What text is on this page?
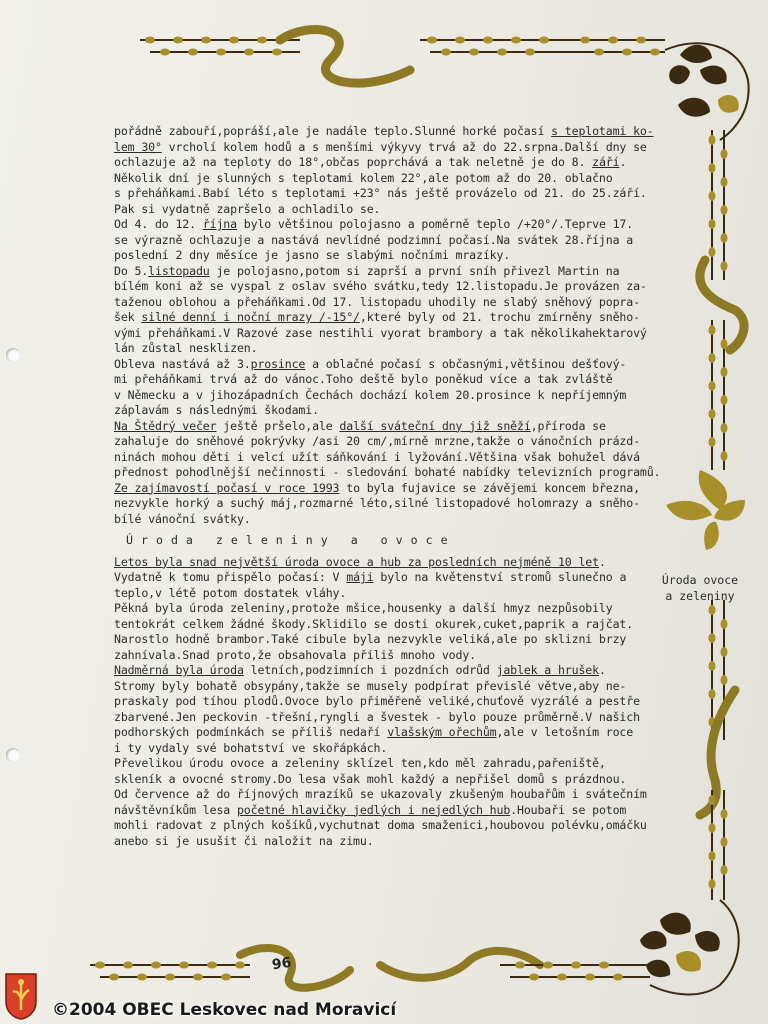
pořádně zabouří,popráší,ale je nadále teplo.Slunné horké počasí s teplotami ko-
lem 30° vrcholí kolem hodů a s menšími výkyvy trvá až do 22.srpna.Další dny se
ochlazuje až na teploty do 18°,občas poprchává a tak neletně je do 8. září.
Několik dní je slunných s teplotami kolem 22°,ale potom až do 20. oblačno
s přeháňkami.Babí léto s teplotami +23° nás ještě provázelo od 21. do 25.září.
Pak si vydatně zapršelo a ochladilo se.
Od 4. do 12. října bylo většinou polojasno a poměrně teplo /+20°/.Teprve 17.
se výrazně ochlazuje a nastává nevlídné podzimní počasí.Na svátek 28.října a
poslední 2 dny měsíce je jasno se slabými nočními mrazíky.
Do 5.listopadu je polojasno,potom si zaprší a první sníh přivezl Martin na
bílém koni až se vyspal z oslav svého svátku,tedy 12.listopadu.Je provázen za-
taženou oblohou a přeháňkami.Od 17. listopadu uhodily ne slabý sněhový popra-
šek silné denní i noční mrazy /-15°/,které byly od 21. trochu zmírněny sněho-
vými přeháňkami.V Razové zase nestihli vyorat brambory a tak několikahektarový
lán zůstal nesklizen.
Obleva nastává až 3.prosince a oblačné počasí s občasnými,většinou dešťový-
mi přeháňkami trvá až do vánoc.Toho deště bylo poněkud více a tak zvláště
v Německu a v jihozápadních Čechách dochází kolem 20.prosince k nepříjemným
záplavám s následnými škodami.
Na Štědrý večer ještě pršelo,ale další sváteční dny již sněží,příroda se
zahaluje do sněhové pokrývky /asi 20 cm/,mírně mrzne,takže o vánočních prázd-
ninách mohou děti i velcí užít sáňkování i lyžování.Většina však bohužel dává
přednost pohodlnější nečinnosti - sledování bohaté nabídky televizních programů.
Ze zajímavostí počasí v roce 1993 to byla fujavice se závějemi koncem března,
nezvykle horký a suchý máj,rozmarné léto,silné listopadové holomrazy a sněho-
bílé vánoční svátky.
Úroda zeleniny a ovoce
Letos byla snad největší úroda ovoce a hub za posledních nejméně 10 let.
Vydatně k tomu přispělo počasí: V máji bylo na květenství stromů slunečno a
teplo,v létě potom dostatek vláhy.
Pěkná byla úroda zeleniny,protože mšice,housenky a další hmyz nezpůsobily
tentokrát celkem žádné škody.Sklidilo se dosti okurek,cuket,paprik a rajčat.
Narostlo hodně brambor.Také cibule byla nezvykle veliká,ale po sklizni brzy
zahnívala.Snad proto,že obsahovala příliš mnoho vody.
Nadměrná byla úroda letních,podzimních i pozdních odrůd jablek a hrušek.
Stromy byly bohatě obsypány,takže se musely podpírat převislé větve,aby ne-
praskaly pod tíhou plodů.Ovoce bylo přiměřeně veliké,chuťově vyzrálé a pestře
zbarvené.Jen peckovin -třešní,ryngli a švestek - bylo pouze průměrně.V našich
podhorských podmínkách se příliš nedaří vlašským ořechům,ale v letošním roce
i ty vydaly své bohatství ve skořápkách.
Převelikou úrodu ovoce a zeleniny sklízel ten,kdo měl zahradu,pařeniště,
skleník a ovocné stromy.Do lesa však mohl každý a nepřišel domů s prázdnou.
Od července až do říjnových mrazíků se ukazovaly zkušeným houbařům i svátečním
návštěvníkům lesa početné hlavičky jedlých i nejedlých hub.Houbaři se potom
mohli radovat z plných košíků,vychutnat doma smaženici,houbovou polévku,omáčku
anebo si je usušit či naložit na zimu.
Úroda ovoce
a zeleniny
96
©2004 OBEC Leskovec nad Moravicí
